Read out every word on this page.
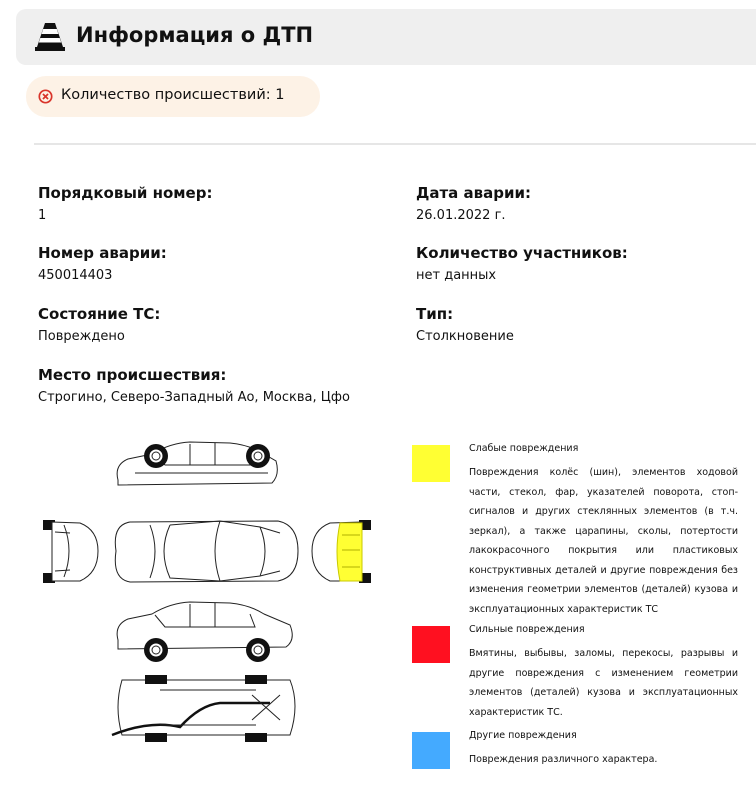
Информация о ДТП
Количество происшествий: 1
Порядковый номер:
1
Дата аварии:
26.01.2022 г.
Номер аварии:
450014403
Количество участников:
нет данных
Состояние ТС:
Повреждено
Тип:
Столкновение
Место происшествия:
Строгино, Северо-Западный Ао, Москва, Цфо
Слабые повреждения
Повреждения колёс (шин), элементов ходовой части, стекол, фар, указателей поворота, стоп-сигналов и других стеклянных элементов (в т.ч. зеркал), а также царапины, сколы, потертости лакокрасочного покрытия или пластиковых конструктивных деталей и другие повреждения без изменения геометрии элементов (деталей) кузова и эксплуатационных характеристик ТС
Сильные повреждения
Вмятины, выбывы, заломы, перекосы, разрывы и другие повреждения с изменением геометрии элементов (деталей) кузова и эксплуатационных характеристик ТС.
Другие повреждения
Повреждения различного характера.
